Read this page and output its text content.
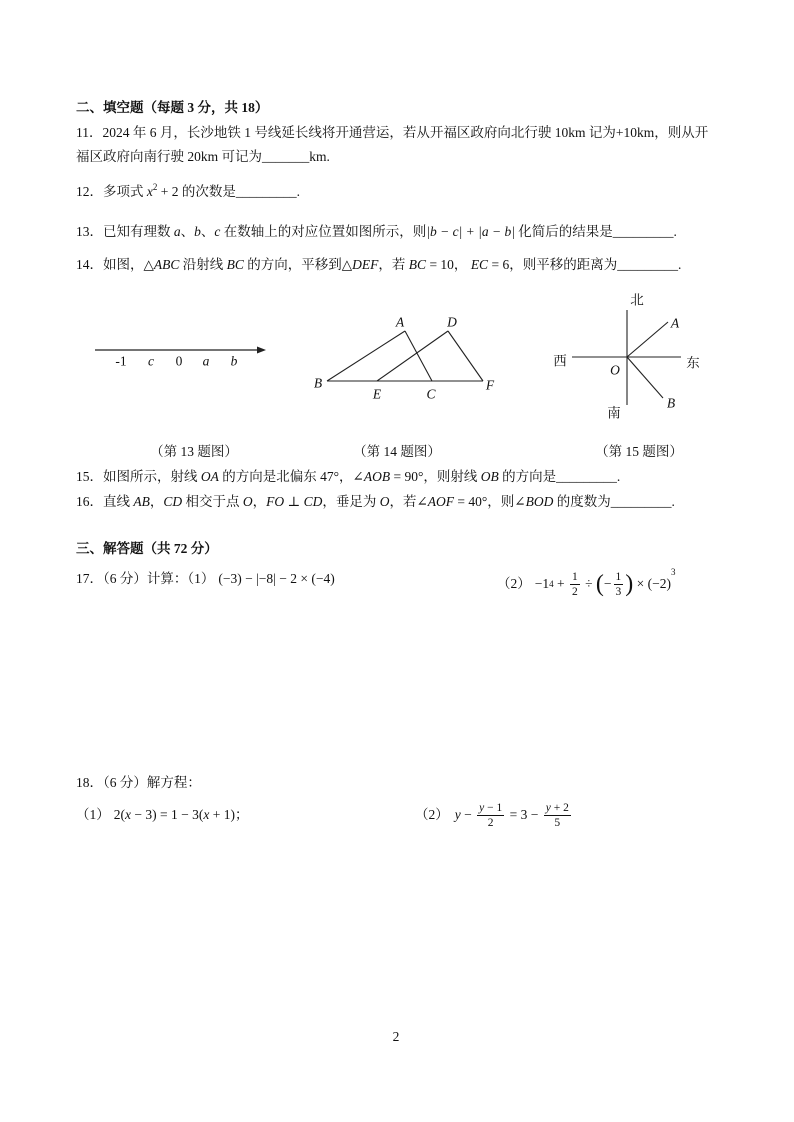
二、填空题（每题 3 分，共 18）
11．2024 年 6 月，长沙地铁 1 号线延长线将开通营运，若从开福区政府向北行驶 10km 记为+10km，则从开
福区政府向南行驶 20km 可记为_______km.
12．多项式 $x^2 + 2$ 的次数是_________.
13．已知有理数 a、b、c 在数轴上的对应位置如图所示，则|b − c| + |a − b| 化简后的结果是_________.
14．如图，△ABC 沿射线 BC 的方向，平移到△DEF，若 BC = 10， EC = 6，则平移的距离为_________.
-1 c 0 a b
A	D
B
E	C
F
北
西	东
南
O
A
B
（第 13 题图）	（第 14 题图）	（第 15 题图）
15．如图所示，射线 OA 的方向是北偏东 47°，∠AOB = 90°，则射线 OB 的方向是_________.
16．直线 AB，CD 相交于点 O，FO ⊥ CD，垂足为 O，若∠AOF = 40°，则∠BOD 的度数为_________.
三、解答题（共 72 分）
17．（6 分）计算：（1） (−3) − |−8| − 2 × (−4)	（2） −1 $4 + \frac{1}{2}$ ÷ ( − $\frac{1}{3}$ ) × (−2)
3
18．（6 分）解方程：
（1） 2(x − 3) = 1 − 3(x + 1)；	（2） $y - \frac{y - 1}{2} = 3 - \frac{y + 2}{5}$
2
